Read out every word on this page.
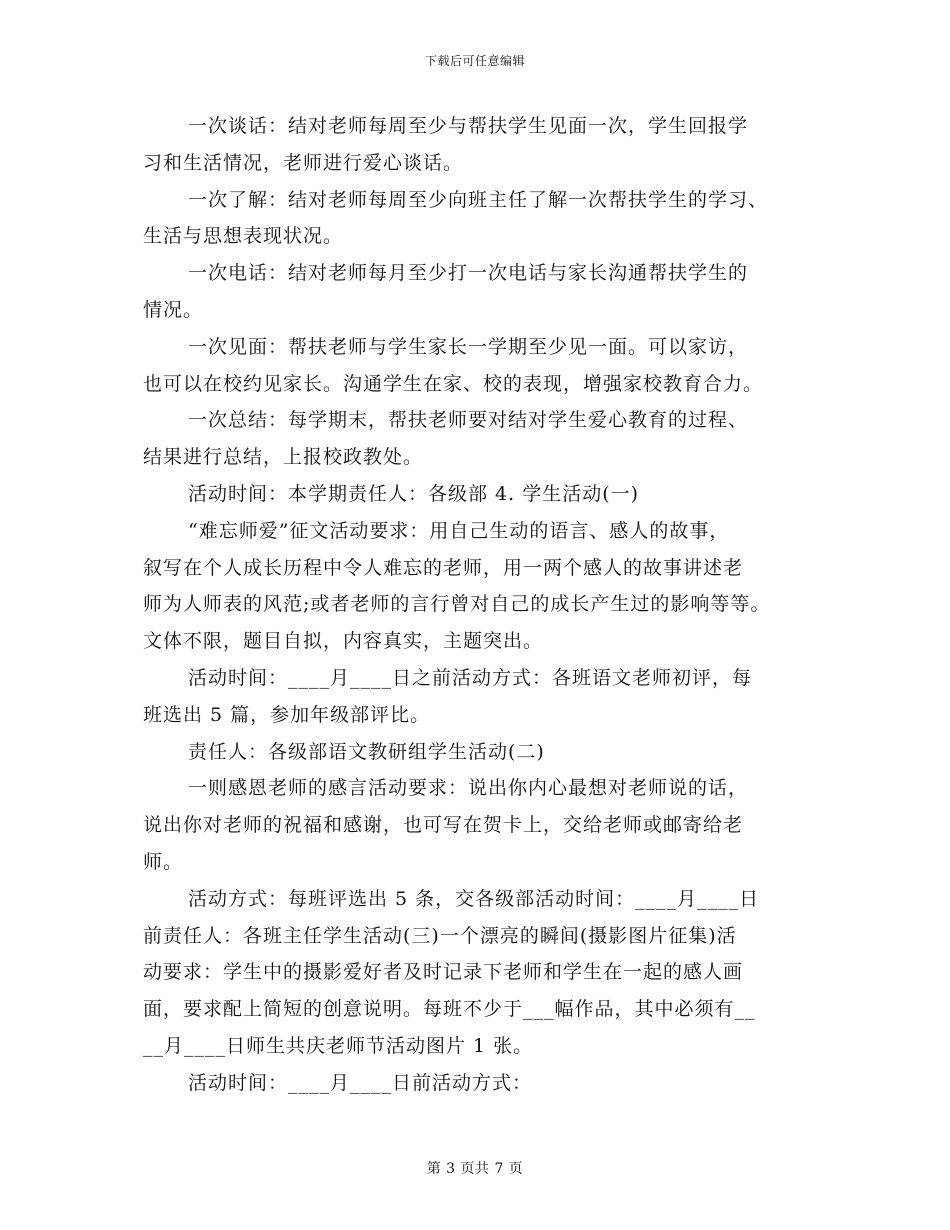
下载后可任意编辑
一次谈话：结对老师每周至少与帮扶学生见面一次，学生回报学
习和生活情况，老师进行爱心谈话。
一次了解：结对老师每周至少向班主任了解一次帮扶学生的学习、
生活与思想表现状况。
一次电话：结对老师每月至少打一次电话与家长沟通帮扶学生的
情况。
一次见面：帮扶老师与学生家长一学期至少见一面。可以家访，
也可以在校约见家长。沟通学生在家、校的表现，增强家校教育合力。
一次总结：每学期末，帮扶老师要对结对学生爱心教育的过程、
结果进行总结，上报校政教处。
活动时间：本学期责任人：各级部 4. 学生活动(一)
“难忘师爱”征文活动要求：用自己生动的语言、感人的故事，
叙写在个人成长历程中令人难忘的老师，用一两个感人的故事讲述老
师为人师表的风范;或者老师的言行曾对自己的成长产生过的影响等等。
文体不限，题目自拟，内容真实，主题突出。
活动时间：____月____日之前活动方式：各班语文老师初评，每
班选出 5 篇，参加年级部评比。
责任人：各级部语文教研组学生活动(二)
一则感恩老师的感言活动要求：说出你内心最想对老师说的话，
说出你对老师的祝福和感谢，也可写在贺卡上，交给老师或邮寄给老
师。
活动方式：每班评选出 5 条，交各级部活动时间：____月____日
前责任人：各班主任学生活动(三)一个漂亮的瞬间(摄影图片征集)活
动要求：学生中的摄影爱好者及时记录下老师和学生在一起的感人画
面，要求配上简短的创意说明。每班不少于___幅作品，其中必须有__
__月____日师生共庆老师节活动图片 1 张。
活动时间：____月____日前活动方式：
第 3 页共 7 页
